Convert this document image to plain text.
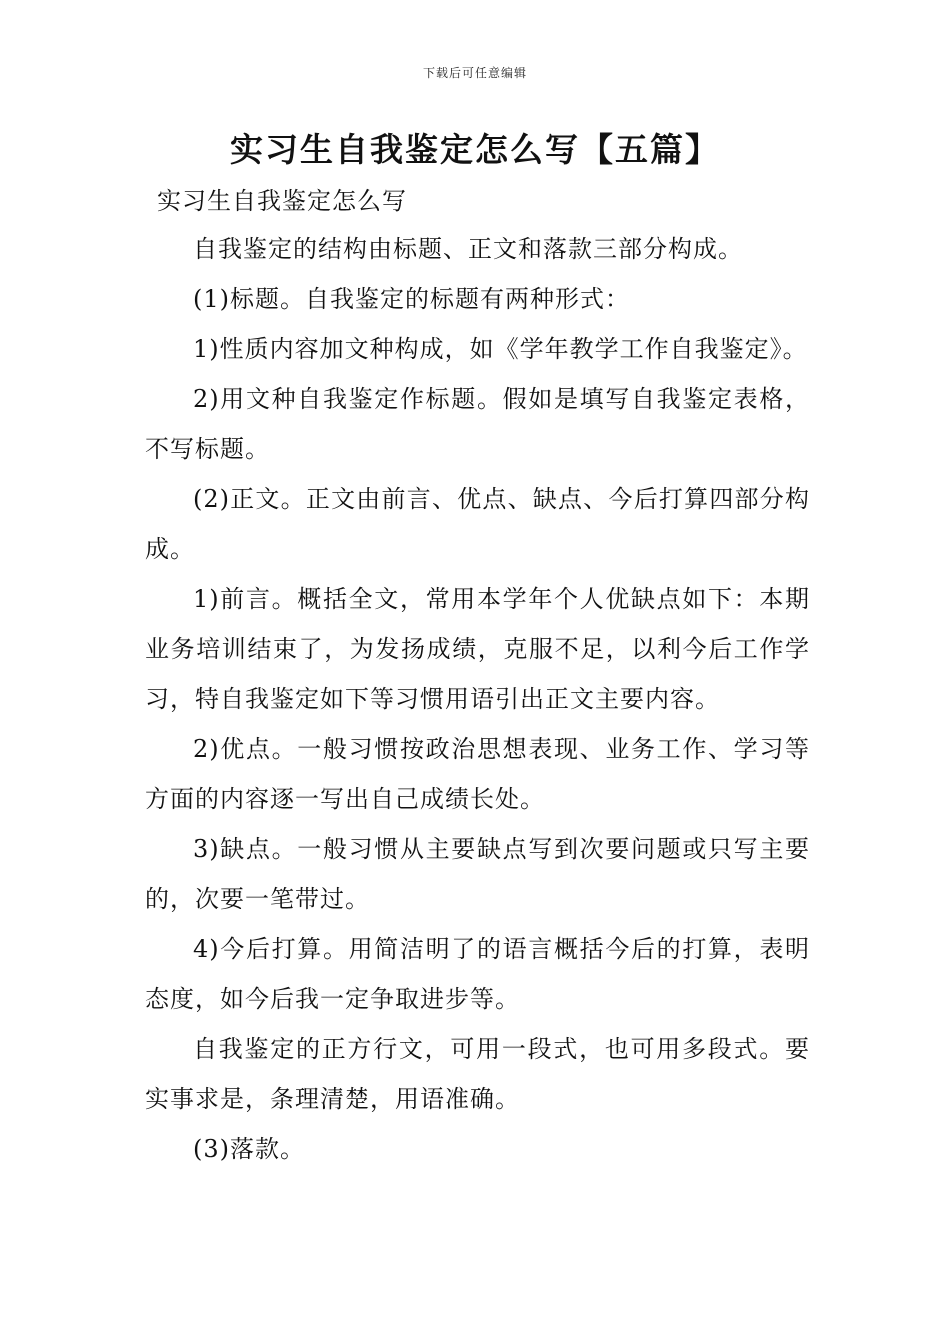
下载后可任意编辑
实习生自我鉴定怎么写【五篇】

实习生自我鉴定怎么写

自我鉴定的结构由标题、正文和落款三部分构成。

(1)标题。自我鉴定的标题有两种形式：

1)性质内容加文种构成，如《学年教学工作自我鉴定》。

2)用文种自我鉴定作标题。假如是填写自我鉴定表格，不写标题。

(2)正文。正文由前言、优点、缺点、今后打算四部分构成。

1)前言。概括全文，常用本学年个人优缺点如下：本期业务培训结束了，为发扬成绩，克服不足，以利今后工作学习，特自我鉴定如下等习惯用语引出正文主要内容。

2)优点。一般习惯按政治思想表现、业务工作、学习等方面的内容逐一写出自己成绩长处。

3)缺点。一般习惯从主要缺点写到次要问题或只写主要的，次要一笔带过。

4)今后打算。用简洁明了的语言概括今后的打算，表明态度，如今后我一定争取进步等。

自我鉴定的正方行文，可用一段式，也可用多段式。要实事求是，条理清楚，用语准确。

(3)落款。
